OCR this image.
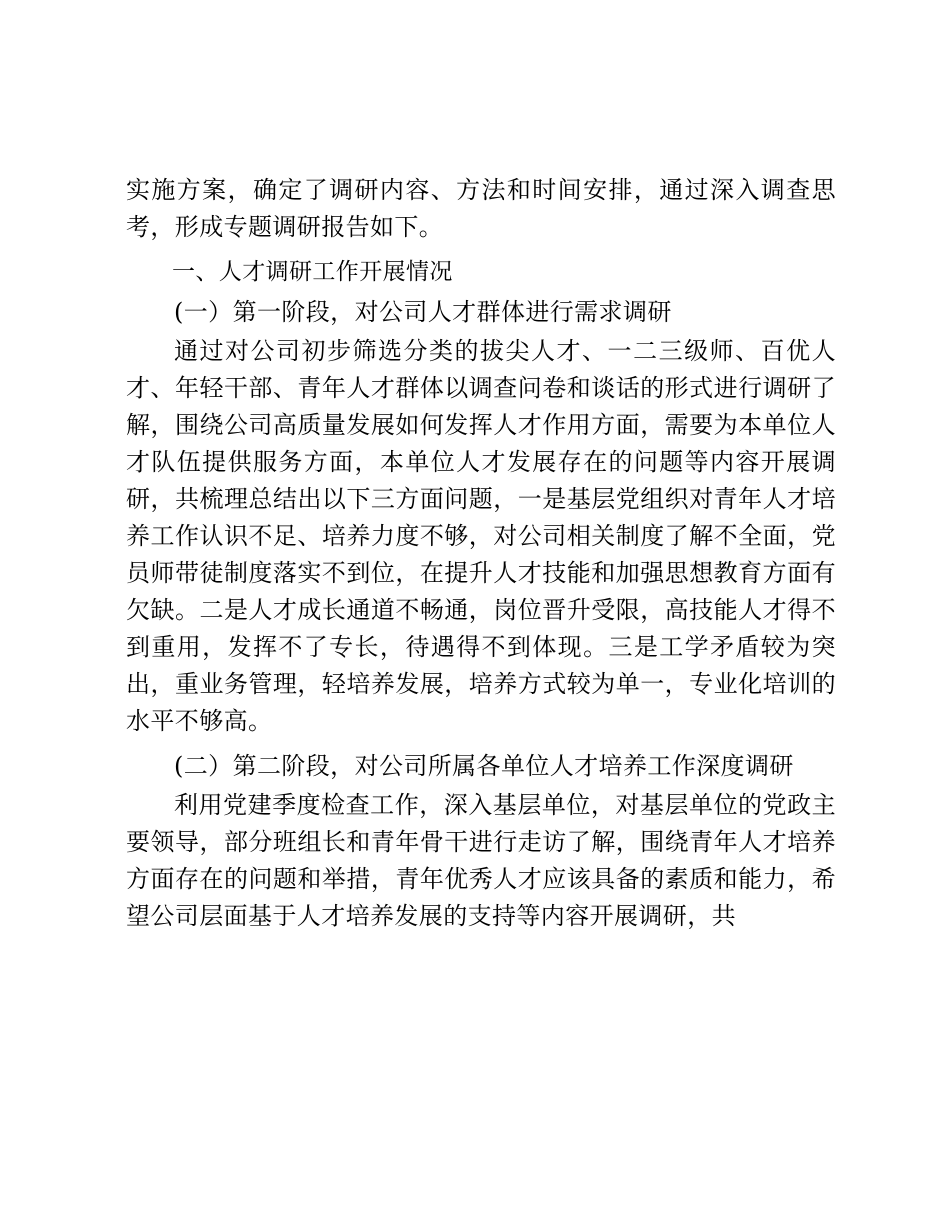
实施方案，确定了调研内容、方法和时间安排，通过深入调查思考，形成专题调研报告如下。

一、人才调研工作开展情况

(一）第一阶段，对公司人才群体进行需求调研

通过对公司初步筛选分类的拔尖人才、一二三级师、百优人才、年轻干部、青年人才群体以调查问卷和谈话的形式进行调研了解，围绕公司高质量发展如何发挥人才作用方面，需要为本单位人才队伍提供服务方面，本单位人才发展存在的问题等内容开展调研，共梳理总结出以下三方面问题，一是基层党组织对青年人才培养工作认识不足、培养力度不够，对公司相关制度了解不全面，党员师带徒制度落实不到位，在提升人才技能和加强思想教育方面有欠缺。二是人才成长通道不畅通，岗位晋升受限，高技能人才得不到重用，发挥不了专长，待遇得不到体现。三是工学矛盾较为突出，重业务管理，轻培养发展，培养方式较为单一，专业化培训的水平不够高。

(二）第二阶段，对公司所属各单位人才培养工作深度调研

利用党建季度检查工作，深入基层单位，对基层单位的党政主要领导，部分班组长和青年骨干进行走访了解，围绕青年人才培养方面存在的问题和举措，青年优秀人才应该具备的素质和能力，希望公司层面基于人才培养发展的支持等内容开展调研，共
